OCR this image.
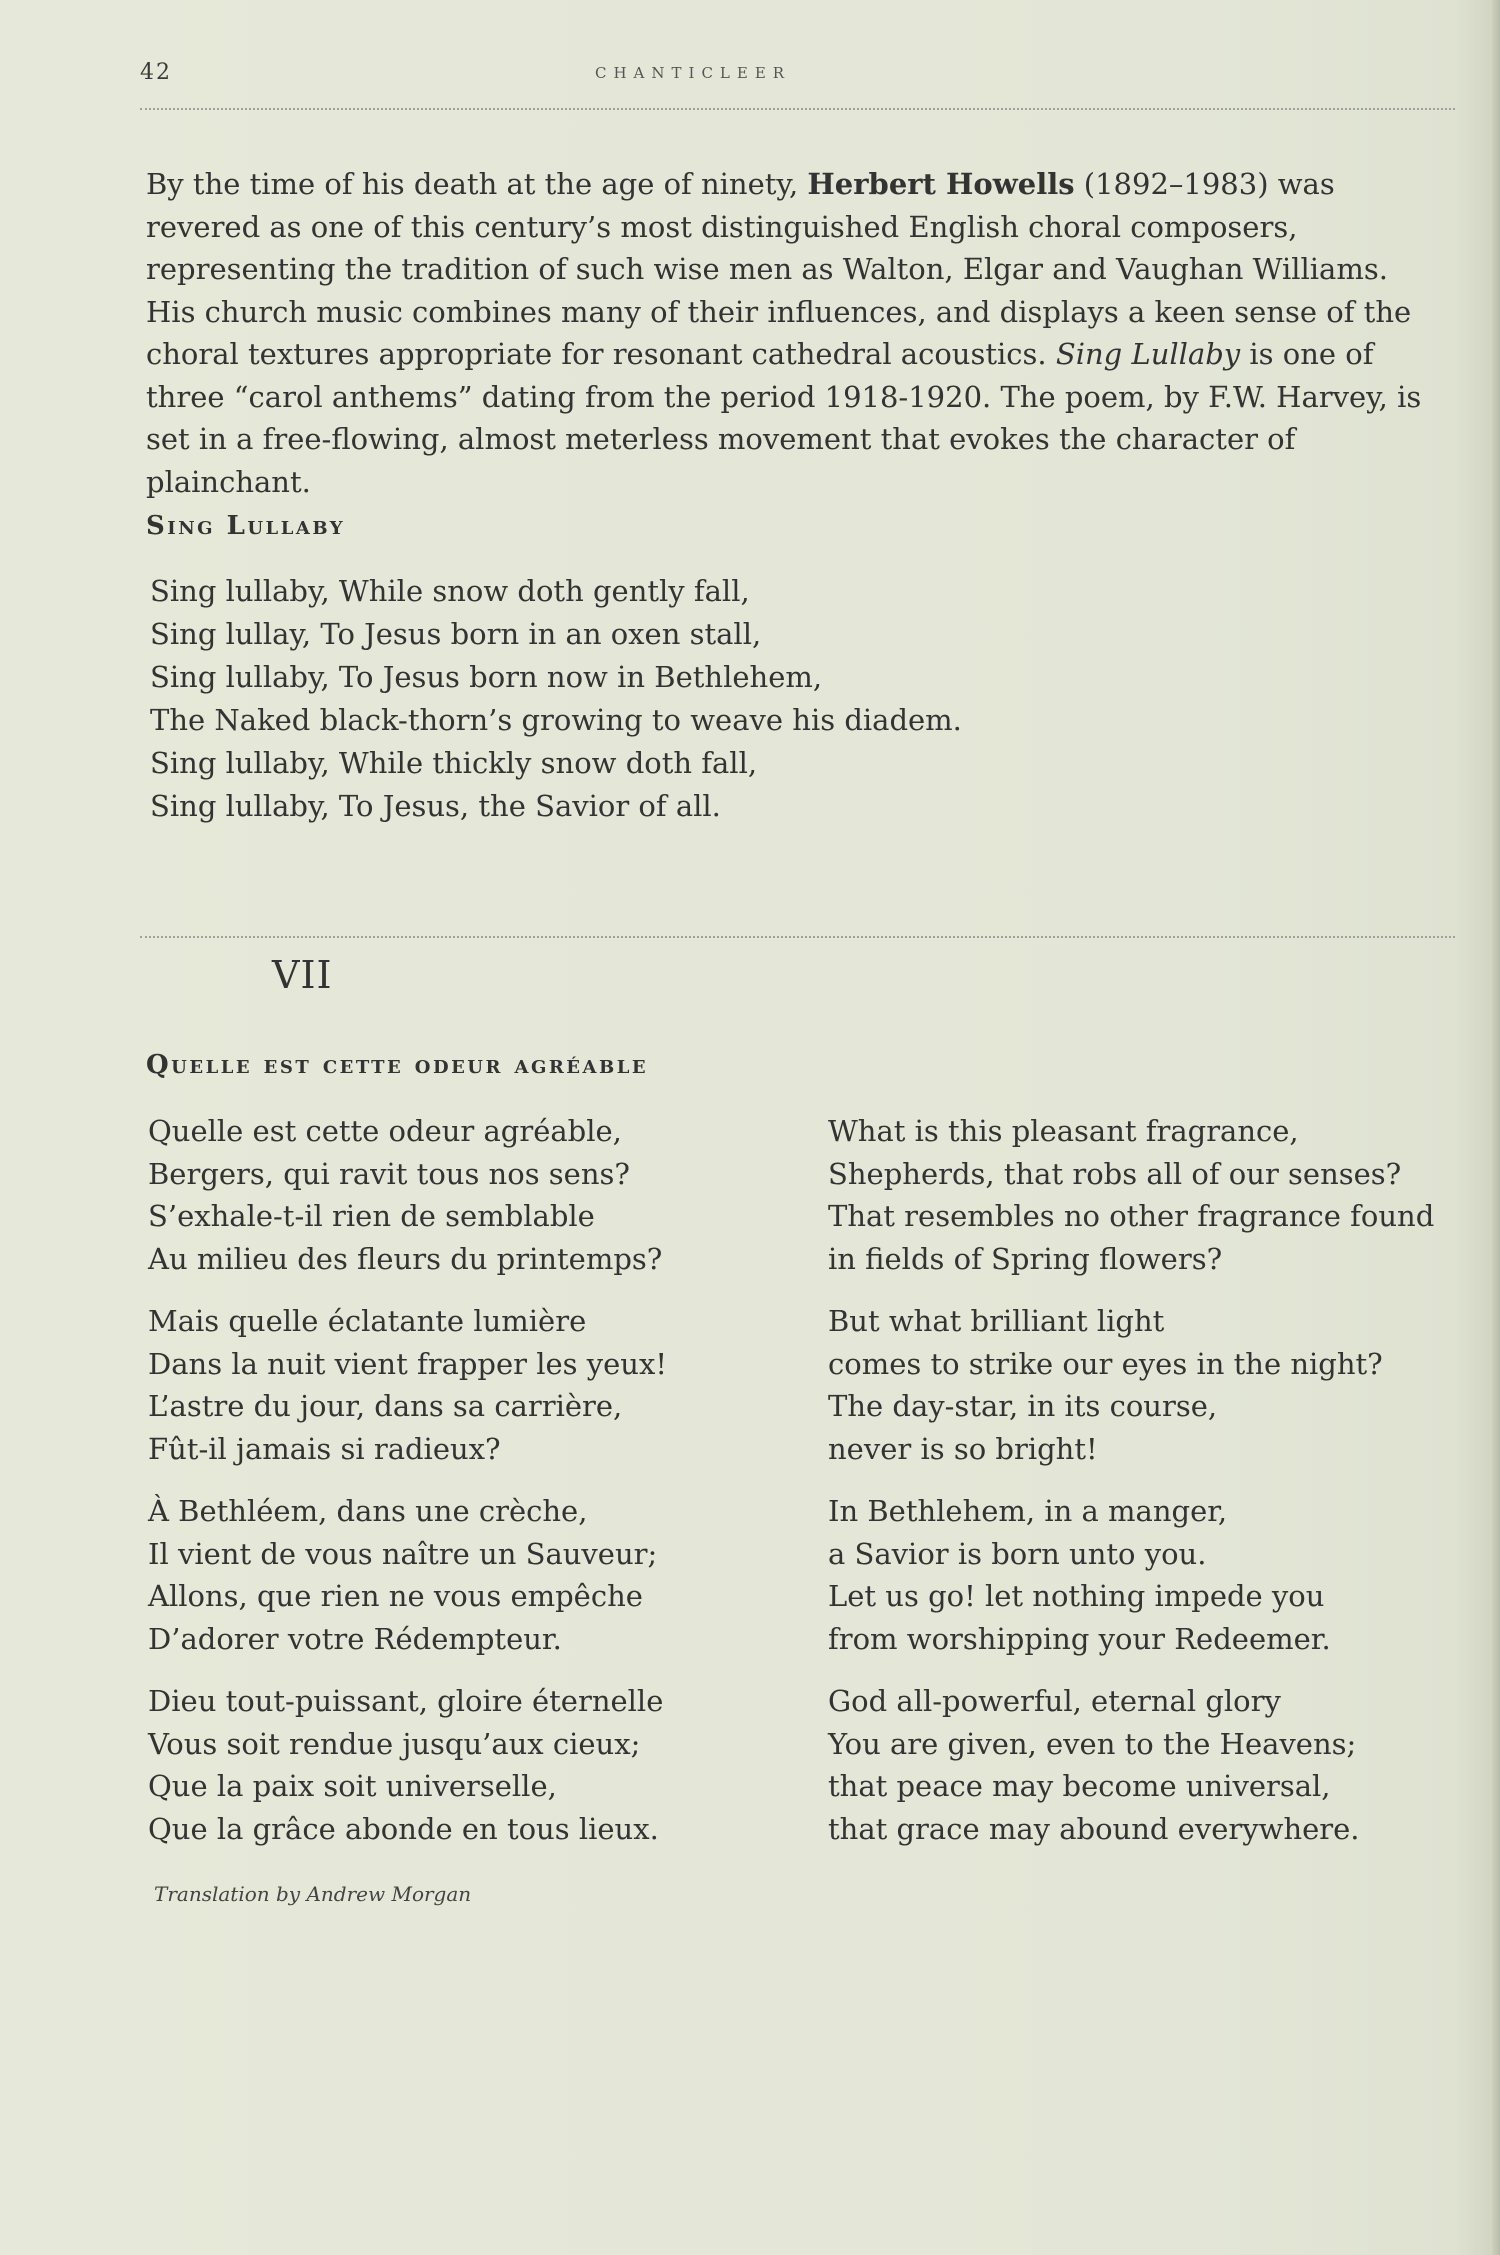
42	CHANTICLEER

By the time of his death at the age of ninety, Herbert Howells (1892–1983) was revered as one of this century’s most distinguished English choral composers, representing the tradition of such wise men as Walton, Elgar and Vaughan Williams. His church music combines many of their influences, and displays a keen sense of the choral textures appropriate for resonant cathedral acoustics. Sing Lullaby is one of three “carol anthems” dating from the period 1918-1920. The poem, by F.W. Harvey, is set in a free-flowing, almost meterless movement that evokes the character of plainchant.

Sing Lullaby
Sing lullaby, While snow doth gently fall,
Sing lullay, To Jesus born in an oxen stall,
Sing lullaby, To Jesus born now in Bethlehem,
The Naked black-thorn’s growing to weave his diadem.
Sing lullaby, While thickly snow doth fall,
Sing lullaby, To Jesus, the Savior of all.
VII
Quelle est cette odeur agréable
Quelle est cette odeur agréable,
Bergers, qui ravit tous nos sens?
S’exhale-t-il rien de semblable
Au milieu des fleurs du printemps?
Mais quelle éclatante lumière
Dans la nuit vient frapper les yeux!
L’astre du jour, dans sa carrière,
Fût-il jamais si radieux?
À Bethléem, dans une crèche,
Il vient de vous naître un Sauveur;
Allons, que rien ne vous empêche
D’adorer votre Rédempteur.
Dieu tout-puissant, gloire éternelle
Vous soit rendue jusqu’aux cieux;
Que la paix soit universelle,
Que la grâce abonde en tous lieux.
What is this pleasant fragrance,
Shepherds, that robs all of our senses?
That resembles no other fragrance found
in fields of Spring flowers?
But what brilliant light
comes to strike our eyes in the night?
The day-star, in its course,
never is so bright!
In Bethlehem, in a manger,
a Savior is born unto you.
Let us go! let nothing impede you
from worshipping your Redeemer.
God all-powerful, eternal glory
You are given, even to the Heavens;
that peace may become universal,
that grace may abound everywhere.
Translation by Andrew Morgan
